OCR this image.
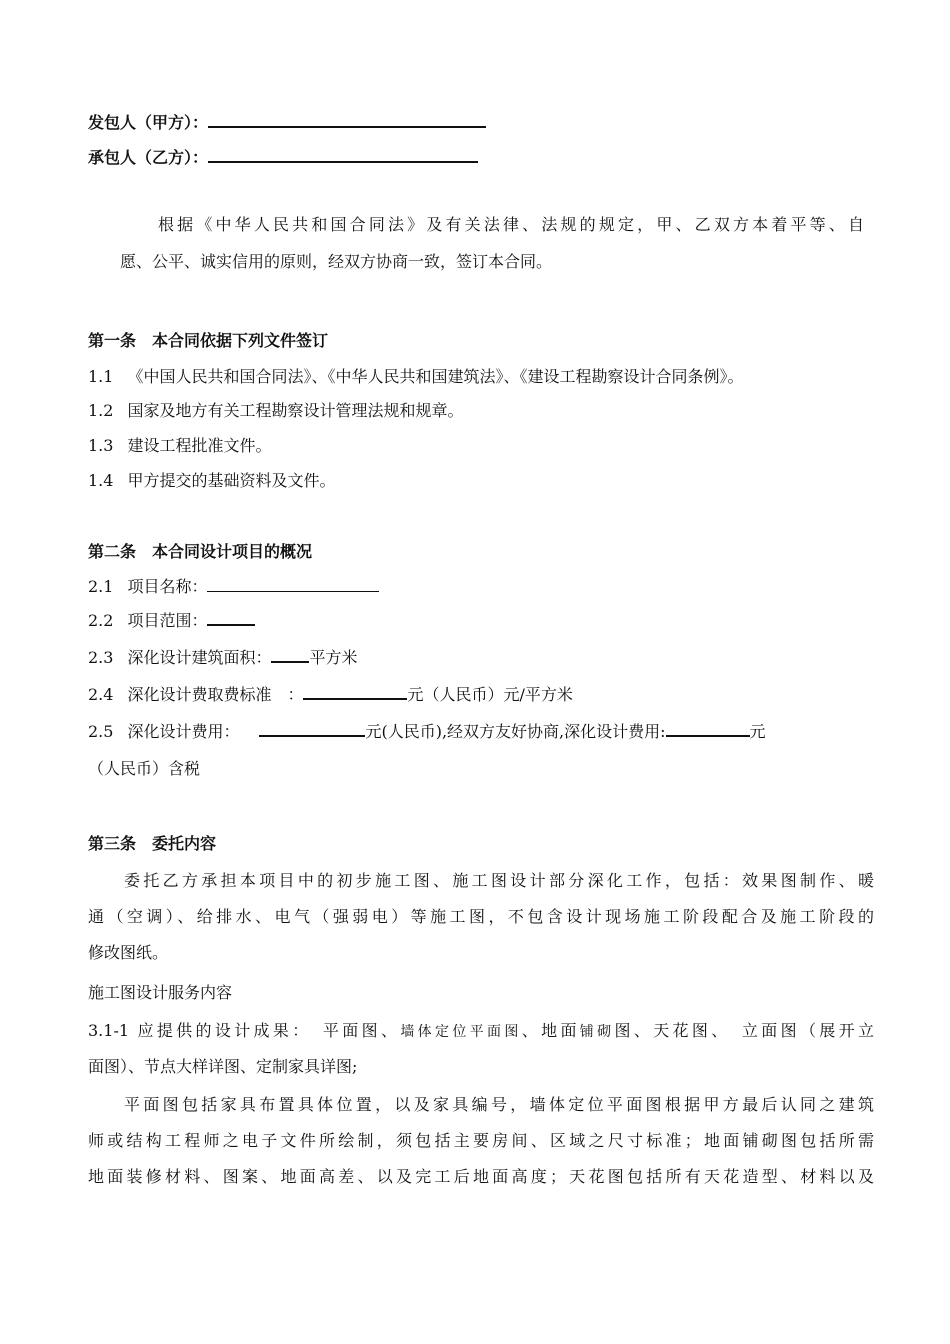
发包人（甲方）：
承包人（乙方）：
根据《中华人民共和国合同法》及有关法律、法规的规定，甲、乙双方本着平等、自
愿、公平、诚实信用的原则，经双方协商一致，签订本合同。
第一条　本合同依据下列文件签订
1.1 《中国人民共和国合同法》、《中华人民共和国建筑法》、《建设工程勘察设计合同条例》。
1.2 国家及地方有关工程勘察设计管理法规和规章。
1.3 建设工程批准文件。
1.4 甲方提交的基础资料及文件。
第二条　本合同设计项目的概况
2.1 项目名称：
2.2 项目范围：
2.3 深化设计建筑面积： 平方米
2.4 深化设计费取费标准　：	元（人民币）元/平方米
2.5 深化设计费用：	元(人民币),经双方友好协商,深化设计费用:	元
（人民币）含税
第三条　委托内容
委托乙方承担本项目中的初步施工图、施工图设计部分深化工作，包括：效果图制作、暖
通（空调）、给排水、电气（强弱电）等施工图，不包含设计现场施工阶段配合及施工阶段的
修改图纸。
施工图设计服务内容
3.1-1 应提供的设计成果：　平面图、墙体定位平面图、地面铺砌图、天花图、　立面图（展开立
面图）、节点大样详图、定制家具详图;
平面图包括家具布置具体位置，以及家具编号，墙体定位平面图根据甲方最后认同之建筑
师或结构工程师之电子文件所绘制，须包括主要房间、区域之尺寸标准；地面铺砌图包括所需
地面装修材料、图案、地面高差、以及完工后地面高度；天花图包括所有天花造型、材料以及
